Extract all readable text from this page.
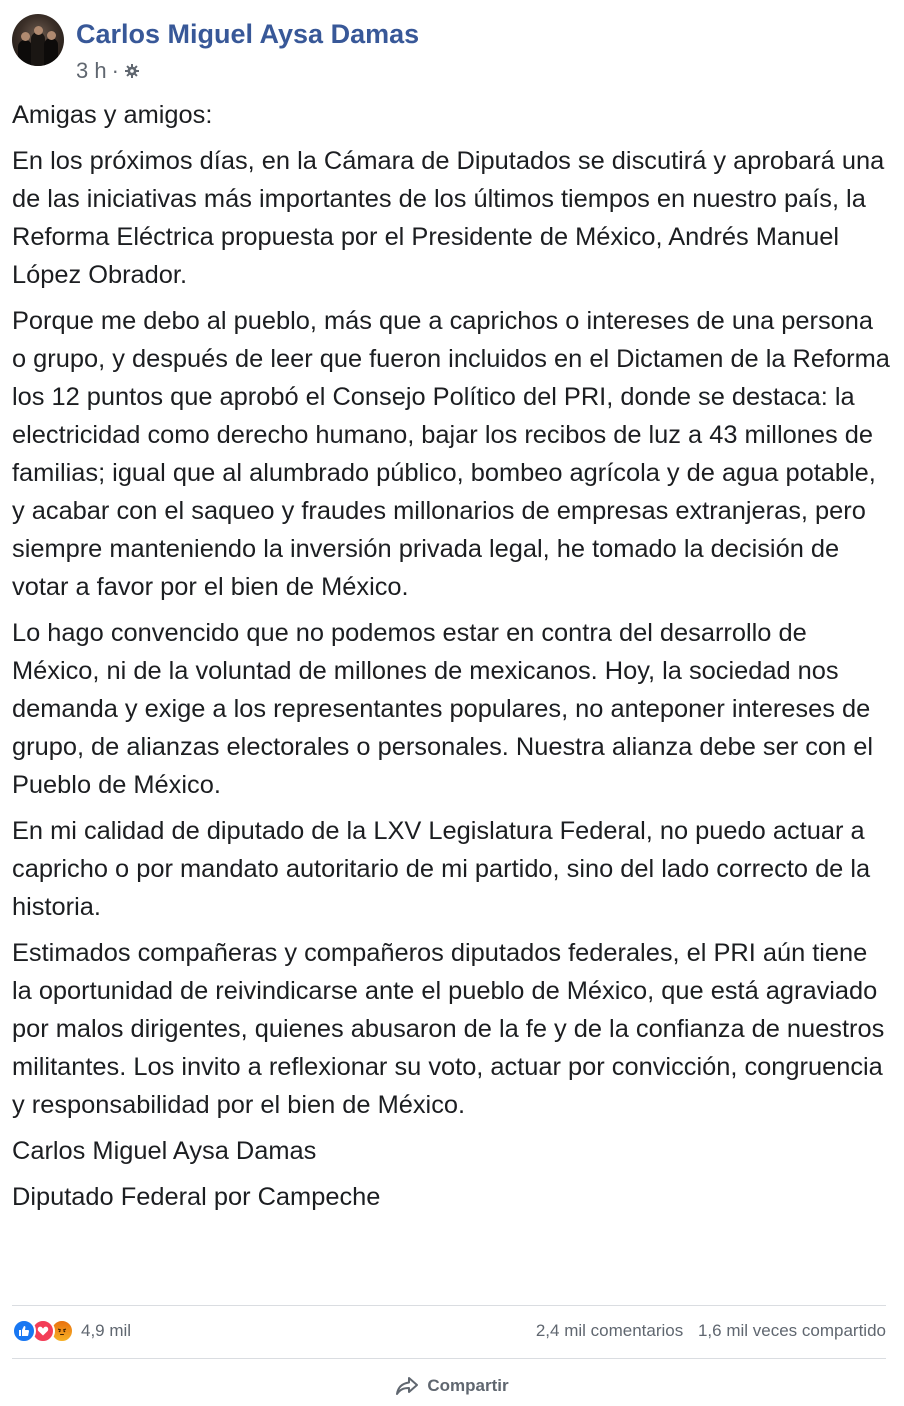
Carlos Miguel Aysa Damas
3 h ·

Amigas y amigos:

En los próximos días, en la Cámara de Diputados se discutirá y aprobará una de las iniciativas más importantes de los últimos tiempos en nuestro país, la Reforma Eléctrica propuesta por el Presidente de México, Andrés Manuel López Obrador.

Porque me debo al pueblo, más que a caprichos o intereses de una persona o grupo, y después de leer que fueron incluidos en el Dictamen de la Reforma los 12 puntos que aprobó el Consejo Político del PRI, donde se destaca: la electricidad como derecho humano, bajar los recibos de luz a 43 millones de familias; igual que al alumbrado público, bombeo agrícola y de agua potable, y acabar con el saqueo y fraudes millonarios de empresas extranjeras, pero siempre manteniendo la inversión privada legal, he tomado la decisión de votar a favor por el bien de México.

Lo hago convencido que no podemos estar en contra del desarrollo de México, ni de la voluntad de millones de mexicanos. Hoy, la sociedad nos demanda y exige a los representantes populares, no anteponer intereses de grupo, de alianzas electorales o personales. Nuestra alianza debe ser con el Pueblo de México.

En mi calidad de diputado de la LXV Legislatura Federal, no puedo actuar a capricho o por mandato autoritario de mi partido, sino del lado correcto de la historia.

Estimados compañeras y compañeros diputados federales, el PRI aún tiene la oportunidad de reivindicarse ante el pueblo de México, que está agraviado por malos dirigentes, quienes abusaron de la fe y de la confianza de nuestros militantes. Los invito a reflexionar su voto, actuar por convicción, congruencia y responsabilidad por el bien de México.

Carlos Miguel Aysa Damas

Diputado Federal por Campeche

4,9 mil	2,4 mil comentarios 1,6 mil veces compartido
Compartir
